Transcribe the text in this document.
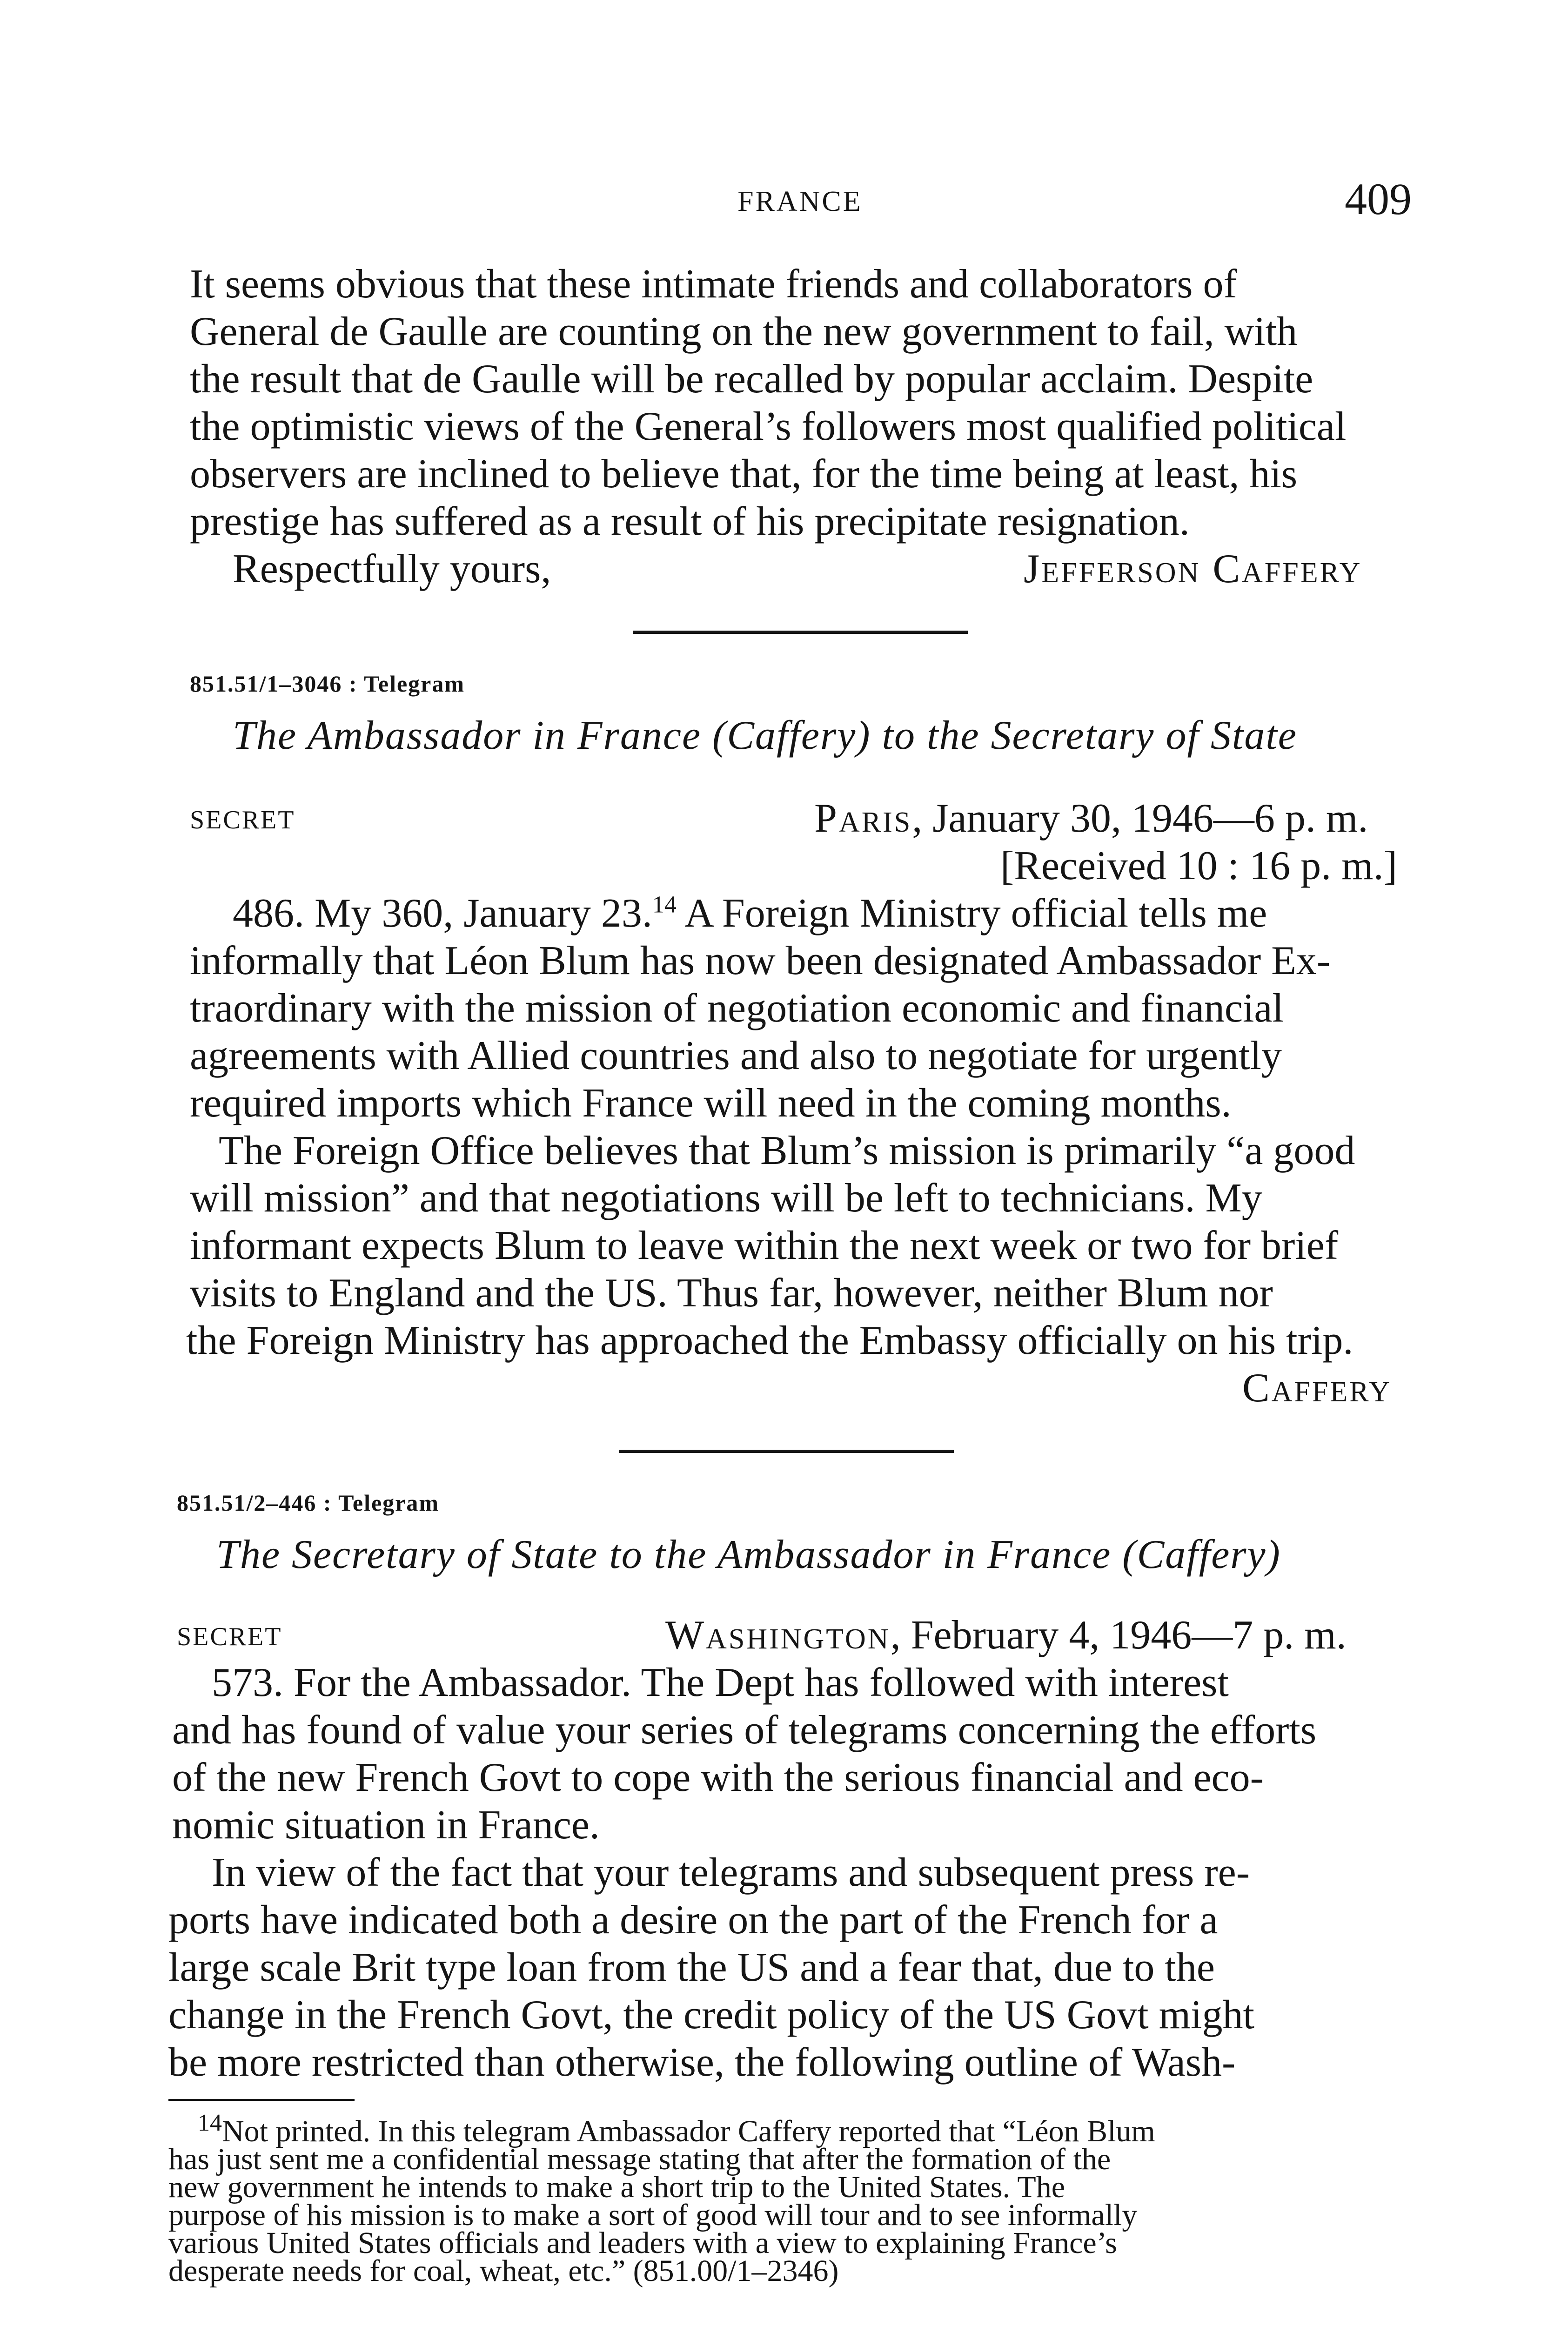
FRANCE	409
It seems obvious that these intimate friends and collaborators of
General de Gaulle are counting on the new government to fail, with
the result that de Gaulle will be recalled by popular acclaim. Despite
the optimistic views of the General’s followers most qualified political
observers are inclined to believe that, for the time being at least, his
prestige has suffered as a result of his precipitate resignation.
Respectfully yours,	Jefferson Caffery
851.51/1–3046 : Telegram
The Ambassador in France (Caffery) to the Secretary of State
SECRET	Paris, January 30, 1946—6 p. m.
[Received 10 : 16 p. m.]
486. My 360, January 23.14 A Foreign Ministry official tells me
informally that Léon Blum has now been designated Ambassador Ex-
traordinary with the mission of negotiation economic and financial
agreements with Allied countries and also to negotiate for urgently
required imports which France will need in the coming months.
The Foreign Office believes that Blum’s mission is primarily “a good
will mission” and that negotiations will be left to technicians. My
informant expects Blum to leave within the next week or two for brief
visits to England and the US. Thus far, however, neither Blum nor
the Foreign Ministry has approached the Embassy officially on his trip.
Caffery
851.51/2–446 : Telegram
The Secretary of State to the Ambassador in France (Caffery)
SECRET	Washington, February 4, 1946—7 p. m.
573. For the Ambassador. The Dept has followed with interest
and has found of value your series of telegrams concerning the efforts
of the new French Govt to cope with the serious financial and eco-
nomic situation in France.
In view of the fact that your telegrams and subsequent press re-
ports have indicated both a desire on the part of the French for a
large scale Brit type loan from the US and a fear that, due to the
change in the French Govt, the credit policy of the US Govt might
be more restricted than otherwise, the following outline of Wash-
$^{14}$Not printed. In this telegram Ambassador Caffery reported that “Léon Blum
has just sent me a confidential message stating that after the formation of the
new government he intends to make a short trip to the United States. The
purpose of his mission is to make a sort of good will tour and to see informally
various United States officials and leaders with a view to explaining France’s
desperate needs for coal, wheat, etc.” (851.00/1–2346)
